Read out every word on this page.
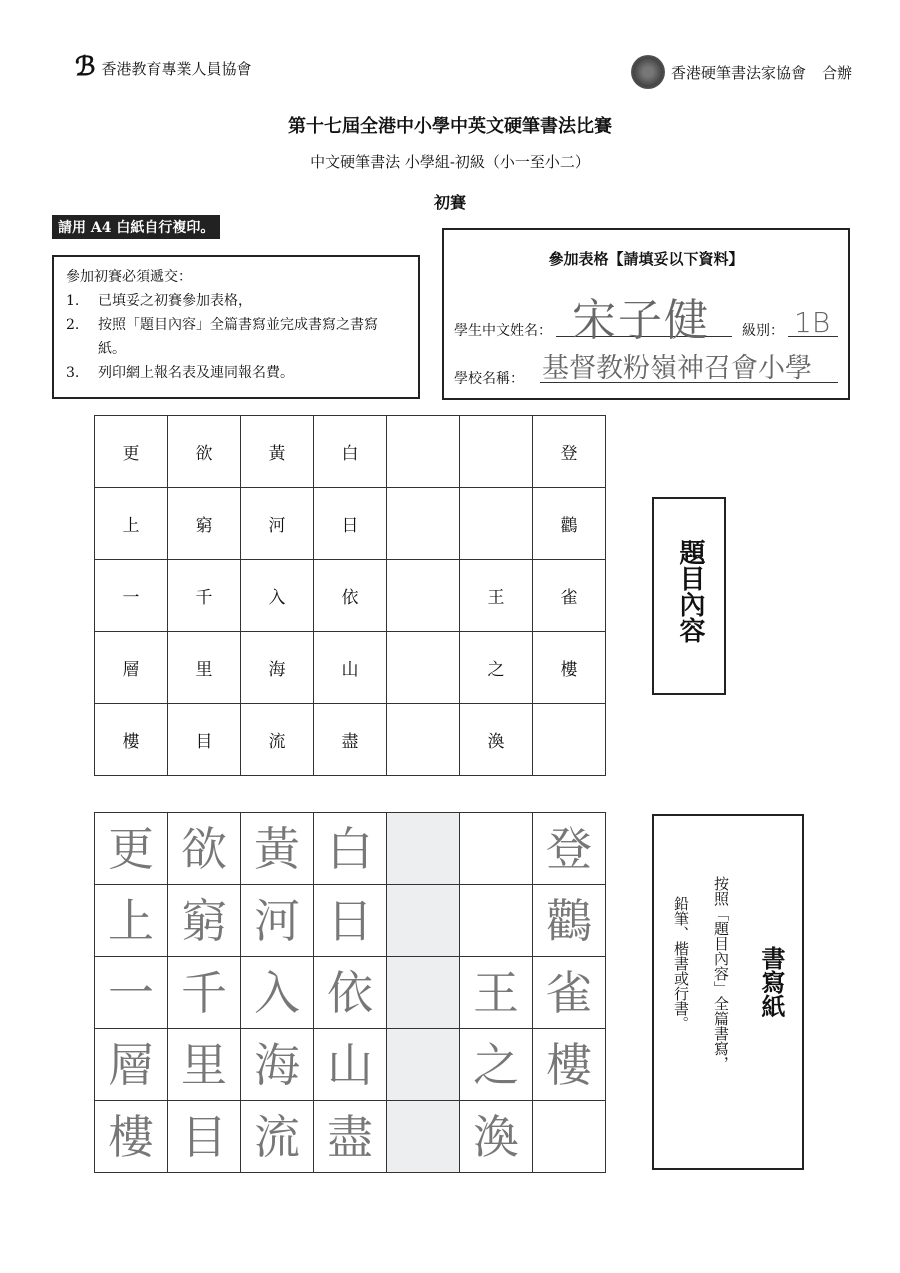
ℬ 香港教育專業人員協會	香港硬筆書法家協會 合辦
第十七屆全港中小學中英文硬筆書法比賽
中文硬筆書法 小學組-初級（小一至小二）
初賽
請用 A4 白紙自行複印。
參加初賽必須遞交：
1.	已填妥之初賽參加表格，
2.	按照「題目內容」全篇書寫並完成書寫之書寫紙。
3.	列印網上報名表及連同報名費。
參加表格【請填妥以下資料】
學生中文姓名： 宋子健 級別： 1B
學校名稱： 基督教粉嶺神召會小學
更	欲	黃	白			登
上	窮	河	日			鸛
一	千	入	依		王	雀
層	里	海	山		之	樓
樓	目	流	盡		渙	
題目內容
更	欲	黃	白			登
上	窮	河	日			鸛
一	千	入	依		王	雀
層	里	海	山		之	樓
樓	目	流	盡		渙	
按照「題目內容」全篇書寫，
鉛筆、楷書或行書。	書寫紙
